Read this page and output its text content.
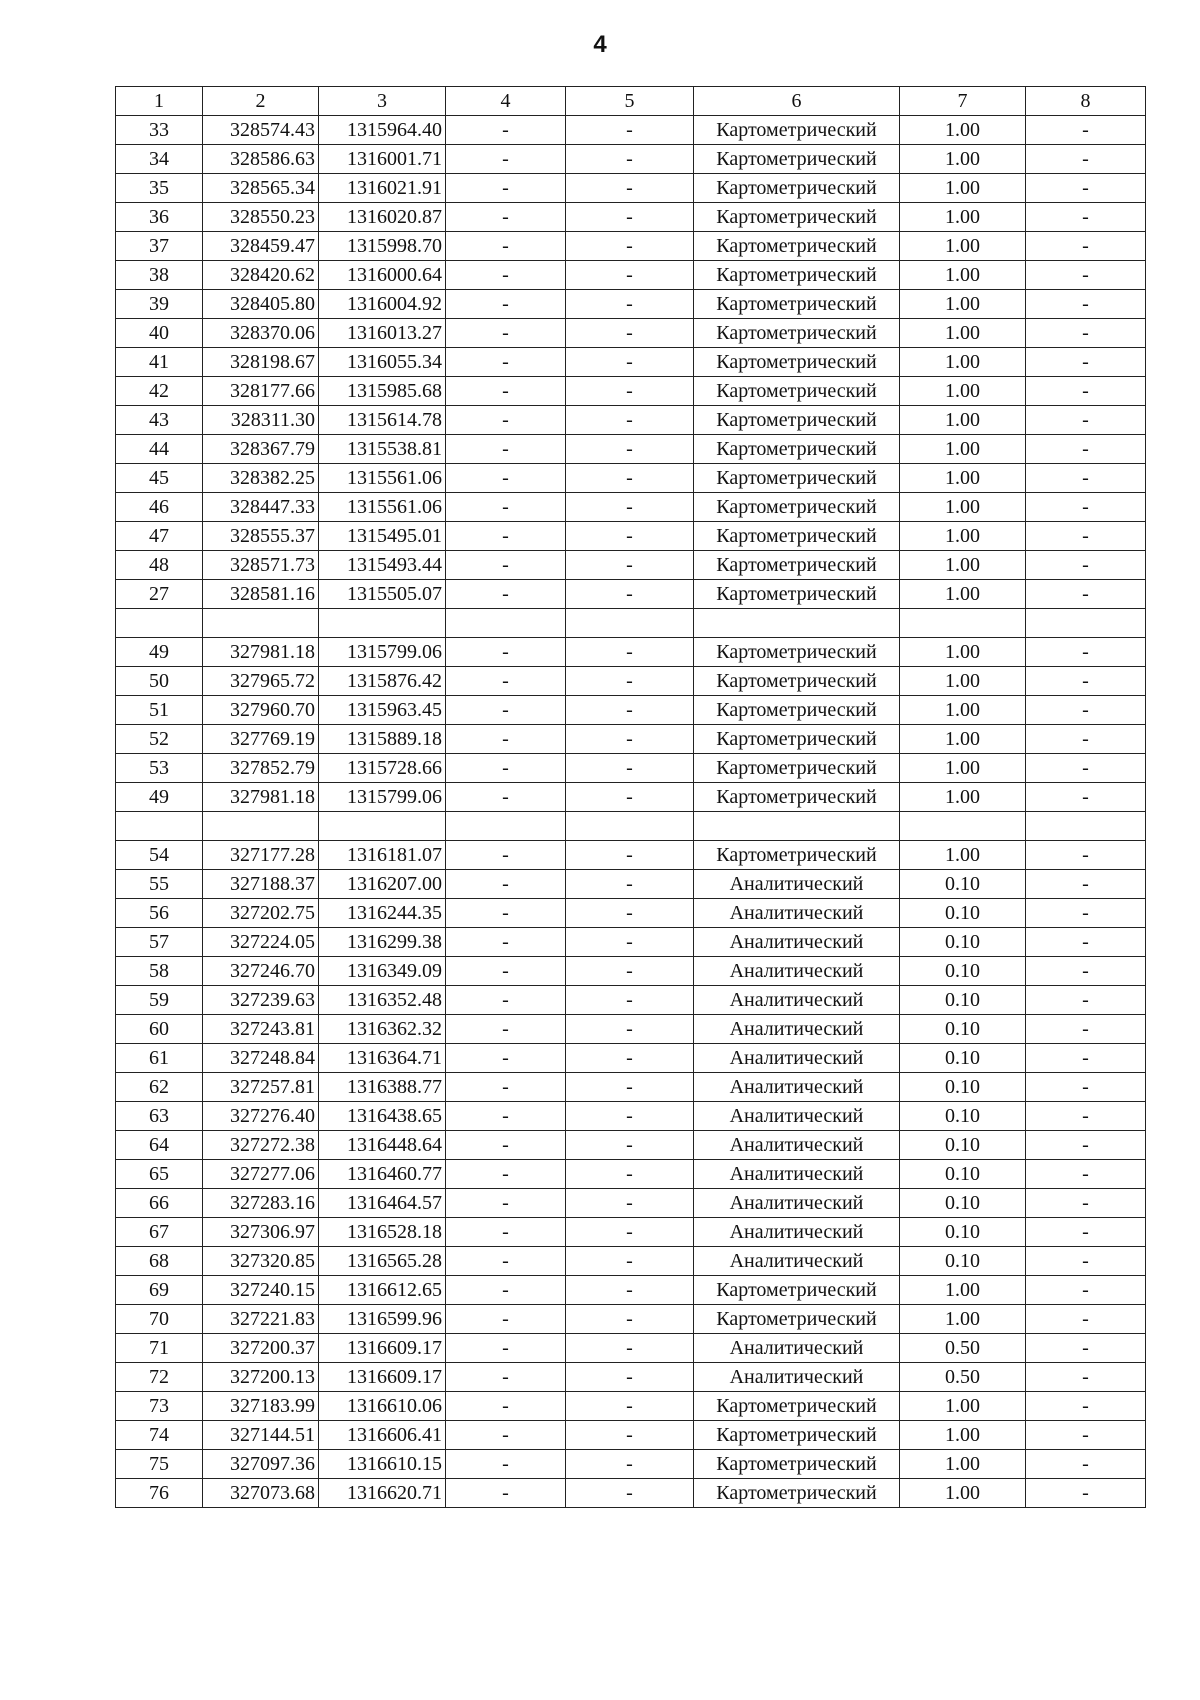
4
1	2	3	4	5	6	7	8
33	328574.43	1315964.40	-	-	Картометрический	1.00	-
34	328586.63	1316001.71	-	-	Картометрический	1.00	-
35	328565.34	1316021.91	-	-	Картометрический	1.00	-
36	328550.23	1316020.87	-	-	Картометрический	1.00	-
37	328459.47	1315998.70	-	-	Картометрический	1.00	-
38	328420.62	1316000.64	-	-	Картометрический	1.00	-
39	328405.80	1316004.92	-	-	Картометрический	1.00	-
40	328370.06	1316013.27	-	-	Картометрический	1.00	-
41	328198.67	1316055.34	-	-	Картометрический	1.00	-
42	328177.66	1315985.68	-	-	Картометрический	1.00	-
43	328311.30	1315614.78	-	-	Картометрический	1.00	-
44	328367.79	1315538.81	-	-	Картометрический	1.00	-
45	328382.25	1315561.06	-	-	Картометрический	1.00	-
46	328447.33	1315561.06	-	-	Картометрический	1.00	-
47	328555.37	1315495.01	-	-	Картометрический	1.00	-
48	328571.73	1315493.44	-	-	Картометрический	1.00	-
27	328581.16	1315505.07	-	-	Картометрический	1.00	-

49	327981.18	1315799.06	-	-	Картометрический	1.00	-
50	327965.72	1315876.42	-	-	Картометрический	1.00	-
51	327960.70	1315963.45	-	-	Картометрический	1.00	-
52	327769.19	1315889.18	-	-	Картометрический	1.00	-
53	327852.79	1315728.66	-	-	Картометрический	1.00	-
49	327981.18	1315799.06	-	-	Картометрический	1.00	-

54	327177.28	1316181.07	-	-	Картометрический	1.00	-
55	327188.37	1316207.00	-	-	Аналитический	0.10	-
56	327202.75	1316244.35	-	-	Аналитический	0.10	-
57	327224.05	1316299.38	-	-	Аналитический	0.10	-
58	327246.70	1316349.09	-	-	Аналитический	0.10	-
59	327239.63	1316352.48	-	-	Аналитический	0.10	-
60	327243.81	1316362.32	-	-	Аналитический	0.10	-
61	327248.84	1316364.71	-	-	Аналитический	0.10	-
62	327257.81	1316388.77	-	-	Аналитический	0.10	-
63	327276.40	1316438.65	-	-	Аналитический	0.10	-
64	327272.38	1316448.64	-	-	Аналитический	0.10	-
65	327277.06	1316460.77	-	-	Аналитический	0.10	-
66	327283.16	1316464.57	-	-	Аналитический	0.10	-
67	327306.97	1316528.18	-	-	Аналитический	0.10	-
68	327320.85	1316565.28	-	-	Аналитический	0.10	-
69	327240.15	1316612.65	-	-	Картометрический	1.00	-
70	327221.83	1316599.96	-	-	Картометрический	1.00	-
71	327200.37	1316609.17	-	-	Аналитический	0.50	-
72	327200.13	1316609.17	-	-	Аналитический	0.50	-
73	327183.99	1316610.06	-	-	Картометрический	1.00	-
74	327144.51	1316606.41	-	-	Картометрический	1.00	-
75	327097.36	1316610.15	-	-	Картометрический	1.00	-
76	327073.68	1316620.71	-	-	Картометрический	1.00	-
